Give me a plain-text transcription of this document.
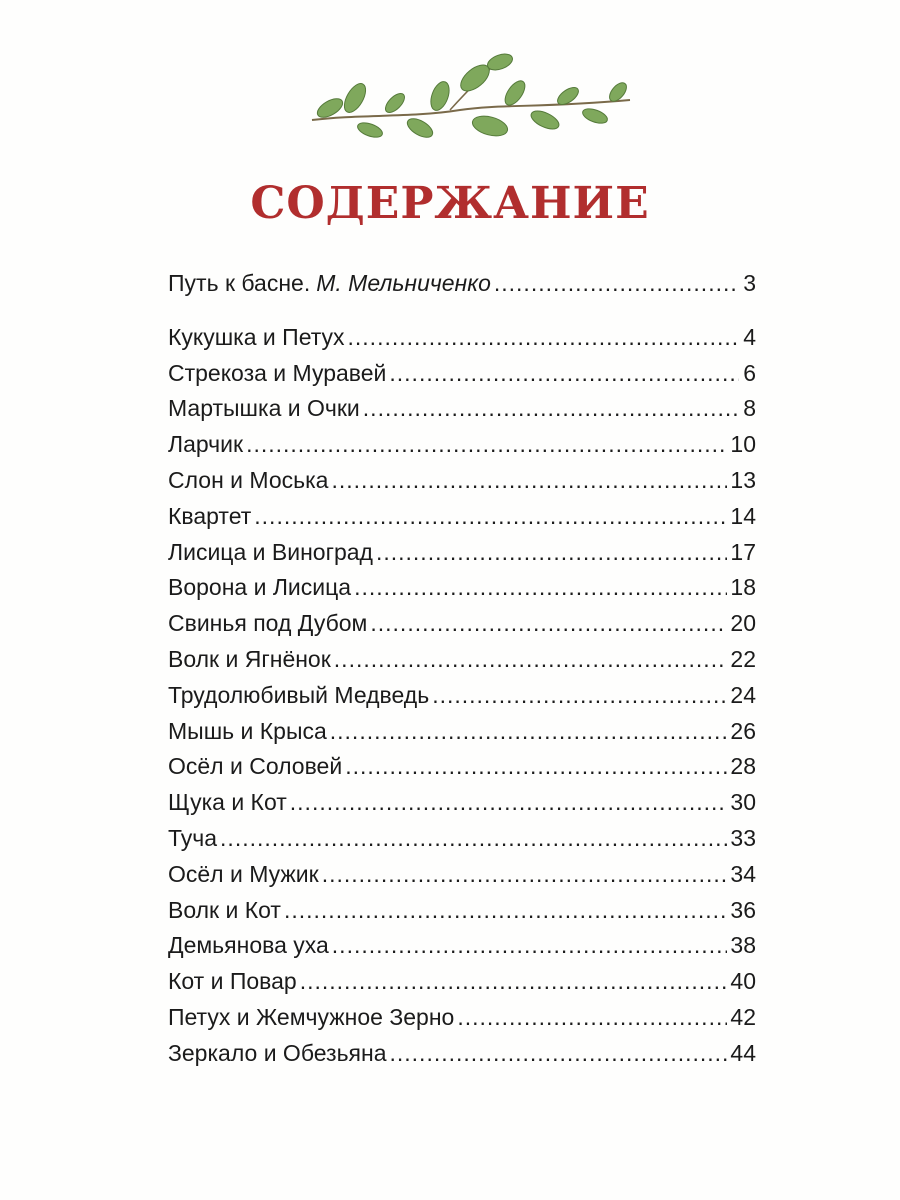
СОДЕРЖАНИЕ
Путь к басне. М. Мельниченко .....	3
Кукушка и Петух .....	4
Стрекоза и Муравей .....	6
Мартышка и Очки .....	8
Ларчик .....	10
Слон и Моська .....	13
Квартет .....	14
Лисица и Виноград .....	17
Ворона и Лисица .....	18
Свинья под Дубом .....	20
Волк и Ягнёнок .....	22
Трудолюбивый Медведь .....	24
Мышь и Крыса .....	26
Осёл и Соловей .....	28
Щука и Кот .....	30
Туча .....	33
Осёл и Мужик .....	34
Волк и Кот .....	36
Демьянова уха .....	38
Кот и Повар .....	40
Петух и Жемчужное Зерно .....	42
Зеркало и Обезьяна .....	44
